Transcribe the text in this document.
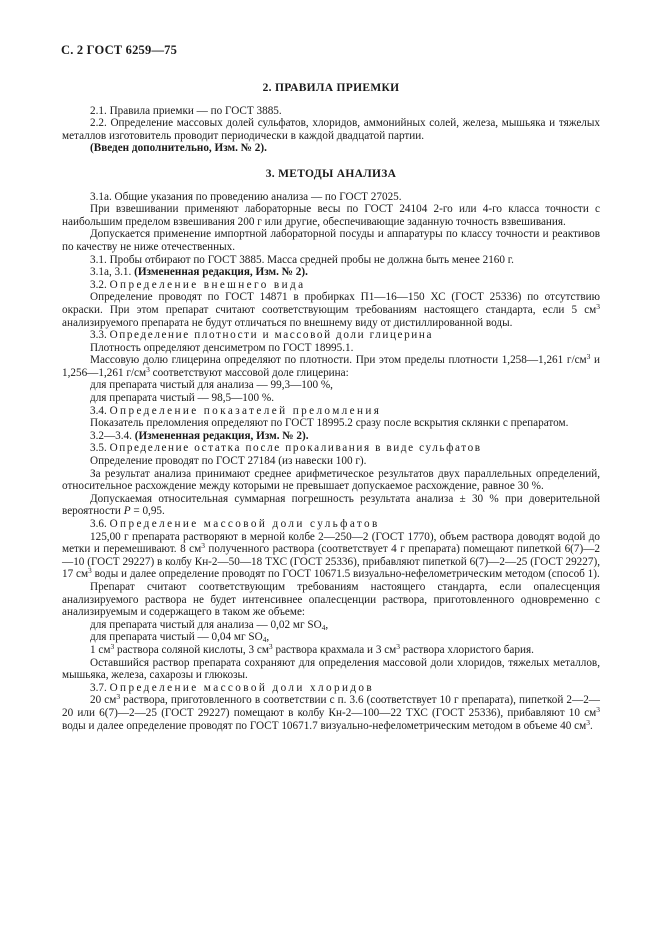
С. 2 ГОСТ 6259—75
2. ПРАВИЛА ПРИЕМКИ

2.1. Правила приемки — по ГОСТ 3885.

2.2. Определение массовых долей сульфатов, хлоридов, аммонийных солей, железа, мышьяка и тяжелых металлов изготовитель проводит периодически в каждой двадцатой партии.

(Введен дополнительно, Изм. № 2).

3. МЕТОДЫ АНАЛИЗА

3.1а. Общие указания по проведению анализа — по ГОСТ 27025.

При взвешивании применяют лабораторные весы по ГОСТ 24104 2-го или 4-го класса точности с наибольшим пределом взвешивания 200 г или другие, обеспечивающие заданную точность взвешивания.

Допускается применение импортной лабораторной посуды и аппаратуры по классу точности и реактивов по качеству не ниже отечественных.

3.1. Пробы отбирают по ГОСТ 3885. Масса средней пробы не должна быть менее 2160 г.

3.1а, 3.1. (Измененная редакция, Изм. № 2).

3.2. Определение внешнего вида

Определение проводят по ГОСТ 14871 в пробирках П1—16—150 ХС (ГОСТ 25336) по отсутствию окраски. При этом препарат считают соответствующим требованиям настоящего стандарта, если 5 $см^3$ анализируемого препарата не будут отличаться по внешнему виду от дистиллированной воды.

3.3. Определение плотности и массовой доли глицерина

Плотность определяют денсиметром по ГОСТ 18995.1.

Массовую долю глицерина определяют по плотности. При этом пределы плотности 1,258—1,261 $г/см^3$ и 1,256—1,261 $г/см^3$ соответствуют массовой доле глицерина:

для препарата чистый для анализа — 99,3—100 %,

для препарата чистый — 98,5—100 %.

3.4. Определение показателей преломления

Показатель преломления определяют по ГОСТ 18995.2 сразу после вскрытия склянки с препаратом.

3.2—3.4. (Измененная редакция, Изм. № 2).

3.5. Определение остатка после прокаливания в виде сульфатов

Определение проводят по ГОСТ 27184 (из навески 100 г).

За результат анализа принимают среднее арифметическое результатов двух параллельных определений, относительное расхождение между которыми не превышает допускаемое расхождение, равное 30 %.

Допускаемая относительная суммарная погрешность результата анализа ± 30 % при доверительной вероятности P = 0,95.

3.6. Определение массовой доли сульфатов

125,00 г препарата растворяют в мерной колбе 2—250—2 (ГОСТ 1770), объем раствора доводят водой до метки и перемешивают. 8 $см^3$ полученного раствора (соответствует 4 г препарата) помещают пипеткой 6(7)—2—10 (ГОСТ 29227) в колбу Кн-2—50—18 ТХС (ГОСТ 25336), прибавляют пипеткой 6(7)—2—25 (ГОСТ 29227), 17 $см^3$ воды и далее определение проводят по ГОСТ 10671.5 визуально-нефелометрическим методом (способ 1).

Препарат считают соответствующим требованиям настоящего стандарта, если опалесценция анализируемого раствора не будет интенсивнее опалесценции раствора, приготовленного одновременно с анализируемым и содержащего в таком же объеме:

для препарата чистый для анализа — 0,02 мг $SO_4$,

для препарата чистый — 0,04 мг $SO_4$,

1 $см^3$ раствора соляной кислоты, 3 $см^3$ раствора крахмала и 3 $см^3$ раствора хлористого бария.

Оставшийся раствор препарата сохраняют для определения массовой доли хлоридов, тяжелых металлов, мышьяка, железа, сахарозы и глюкозы.

3.7. Определение массовой доли хлоридов

20 $см^3$ раствора, приготовленного в соответствии с п. 3.6 (соответствует 10 г препарата), пипеткой 2—2—20 или 6(7)—2—25 (ГОСТ 29227) помещают в колбу Кн-2—100—22 ТХС (ГОСТ 25336), прибавляют 10 $см^3$ воды и далее определение проводят по ГОСТ 10671.7 визуально-нефелометрическим методом в объеме 40 $см^3$.
